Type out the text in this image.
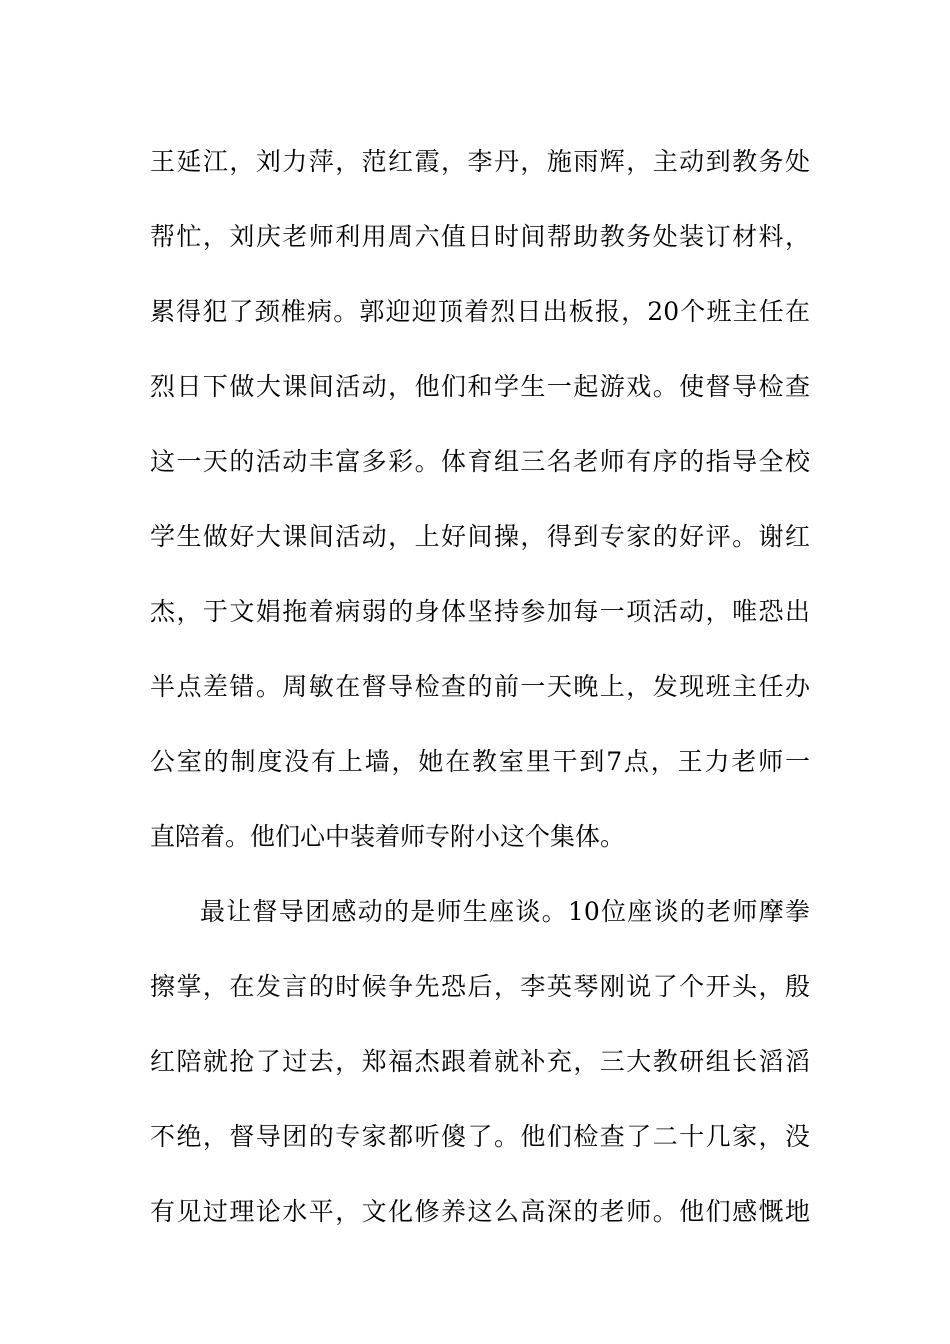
王延江，刘力萍，范红霞，李丹，施雨辉，主动到教务处
帮忙，刘庆老师利用周六值日时间帮助教务处装订材料，
累得犯了颈椎病。郭迎迎顶着烈日出板报，20个班主任在
烈日下做大课间活动，他们和学生一起游戏。使督导检查
这一天的活动丰富多彩。体育组三名老师有序的指导全校
学生做好大课间活动，上好间操，得到专家的好评。谢红
杰，于文娟拖着病弱的身体坚持参加每一项活动，唯恐出
半点差错。周敏在督导检查的前一天晚上，发现班主任办
公室的制度没有上墙，她在教室里干到7点，王力老师一
直陪着。他们心中装着师专附小这个集体。
最让督导团感动的是师生座谈。10位座谈的老师摩拳
擦掌，在发言的时候争先恐后，李英琴刚说了个开头，殷
红陪就抢了过去，郑福杰跟着就补充，三大教研组长滔滔
不绝，督导团的专家都听傻了。他们检查了二十几家，没
有见过理论水平，文化修养这么高深的老师。他们感慨地
